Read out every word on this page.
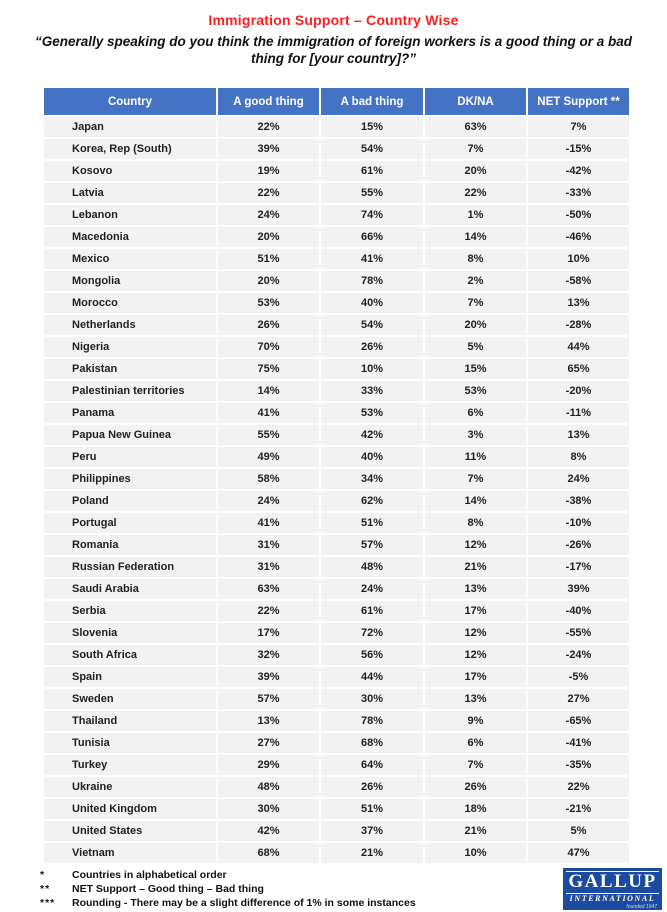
Immigration Support – Country Wise
“Generally speaking do you think the immigration of foreign workers is a good thing or a bad thing for [your country]?”
Country	A good thing	A bad thing	DK/NA	NET Support **
Japan	22%	15%	63%	7%
Korea, Rep (South)	39%	54%	7%	-15%
Kosovo	19%	61%	20%	-42%
Latvia	22%	55%	22%	-33%
Lebanon	24%	74%	1%	-50%
Macedonia	20%	66%	14%	-46%
Mexico	51%	41%	8%	10%
Mongolia	20%	78%	2%	-58%
Morocco	53%	40%	7%	13%
Netherlands	26%	54%	20%	-28%
Nigeria	70%	26%	5%	44%
Pakistan	75%	10%	15%	65%
Palestinian territories	14%	33%	53%	-20%
Panama	41%	53%	6%	-11%
Papua New Guinea	55%	42%	3%	13%
Peru	49%	40%	11%	8%
Philippines	58%	34%	7%	24%
Poland	24%	62%	14%	-38%
Portugal	41%	51%	8%	-10%
Romania	31%	57%	12%	-26%
Russian Federation	31%	48%	21%	-17%
Saudi Arabia	63%	24%	13%	39%
Serbia	22%	61%	17%	-40%
Slovenia	17%	72%	12%	-55%
South Africa	32%	56%	12%	-24%
Spain	39%	44%	17%	-5%
Sweden	57%	30%	13%	27%
Thailand	13%	78%	9%	-65%
Tunisia	27%	68%	6%	-41%
Turkey	29%	64%	7%	-35%
Ukraine	48%	26%	26%	22%
United Kingdom	30%	51%	18%	-21%
United States	42%	37%	21%	5%
Vietnam	68%	21%	10%	47%
*	Countries in alphabetical order
**	NET Support – Good thing – Bad thing
***	Rounding - There may be a slight difference of 1% in some instances
GALLUP
INTERNATIONAL
founded 1947
